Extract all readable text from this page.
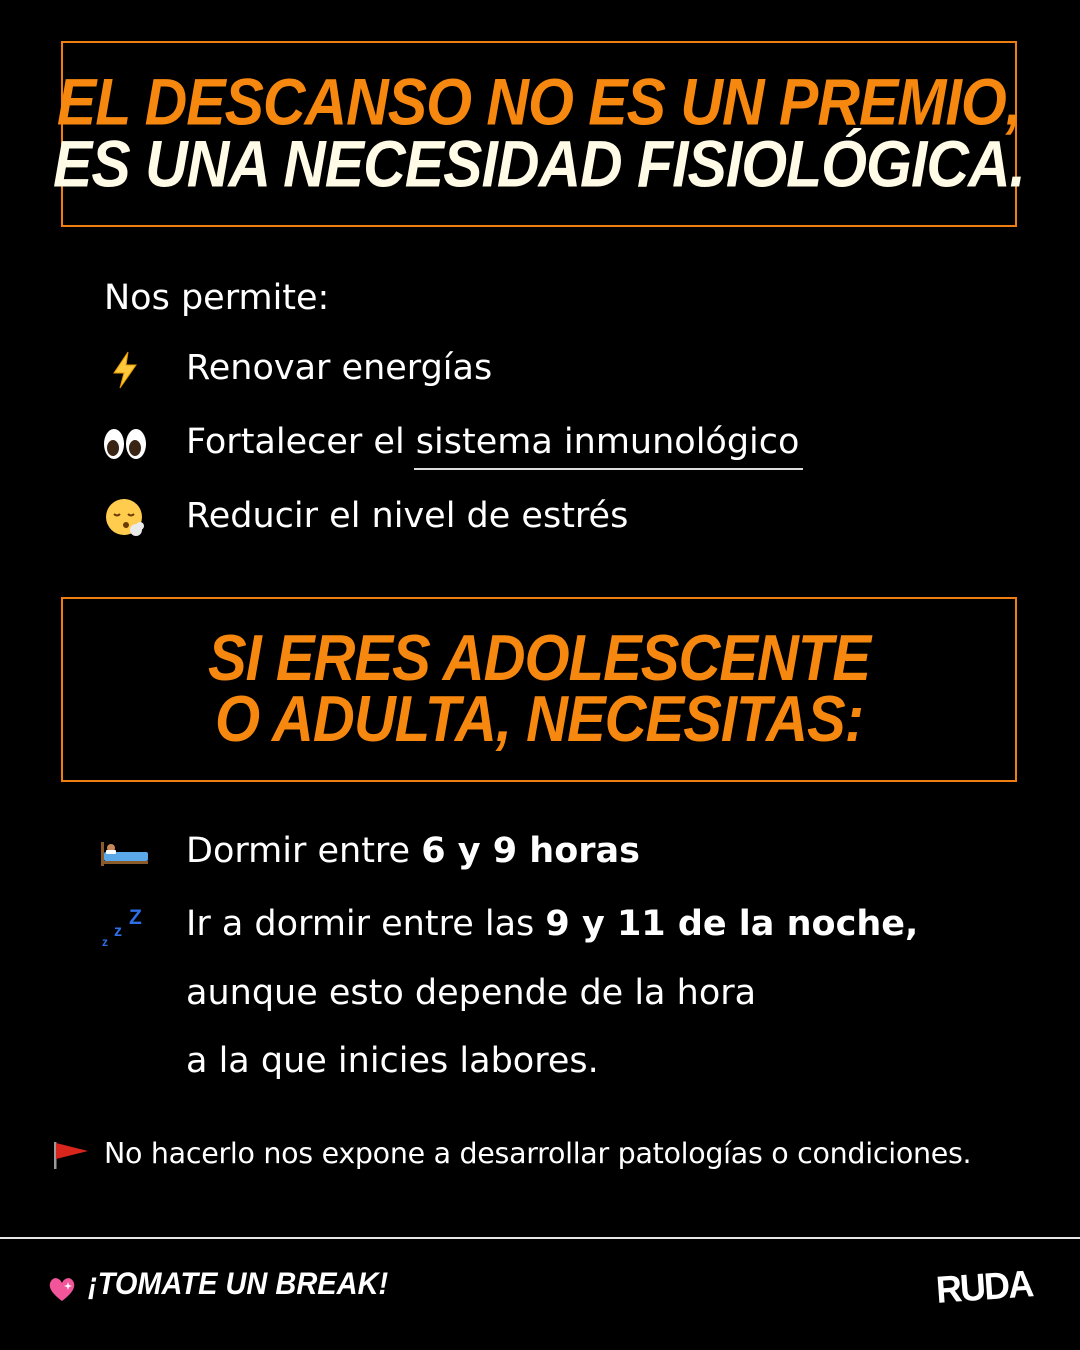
EL DESCANSO NO ES UN PREMIO,
ES UNA NECESIDAD FISIOLÓGICA.
Nos permite:
Renovar energías
Fortalecer el sistema inmunológico
Reducir el nivel de estrés
SI ERES ADOLESCENTE
O ADULTA, NECESITAS:
Dormir entre 6 y 9 horas
z
z
Z Ir a dormir entre las 9 y 11 de la noche,
aunque esto depende de la hora
a la que inicies labores.
No hacerlo nos expone a desarrollar patologías o condiciones.
¡TOMATE UN BREAK!	RUDA
